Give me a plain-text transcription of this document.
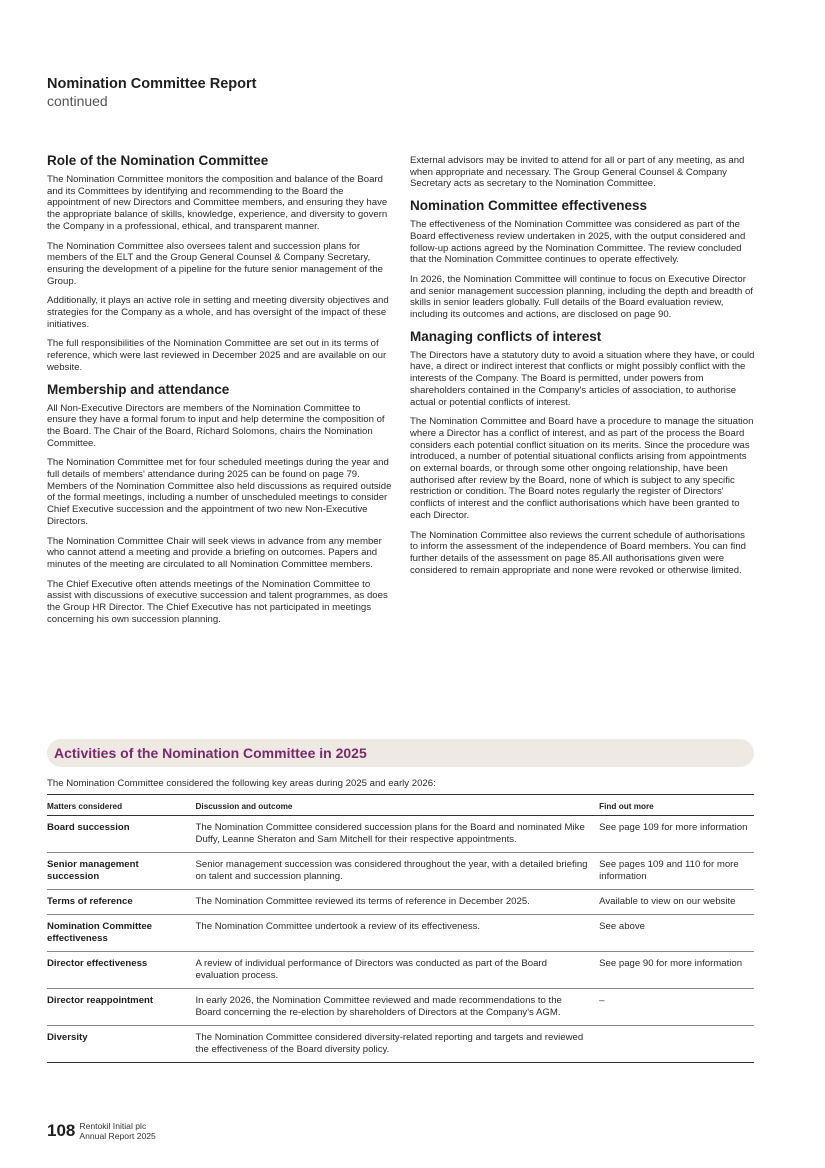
Nomination Committee Report
continued
Role of the Nomination Committee

The Nomination Committee monitors the composition and balance of the Board and its Committees by identifying and recommending to the Board the appointment of new Directors and Committee members, and ensuring they have the appropriate balance of skills, knowledge, experience, and diversity to govern the Company in a professional, ethical, and transparent manner.

The Nomination Committee also oversees talent and succession plans for members of the ELT and the Group General Counsel & Company Secretary, ensuring the development of a pipeline for the future senior management of the Group.

Additionally, it plays an active role in setting and meeting diversity objectives and strategies for the Company as a whole, and has oversight of the impact of these initiatives.

The full responsibilities of the Nomination Committee are set out in its terms of reference, which were last reviewed in December 2025 and are available on our website.

Membership and attendance

All Non-Executive Directors are members of the Nomination Committee to ensure they have a formal forum to input and help determine the composition of the Board. The Chair of the Board, Richard Solomons, chairs the Nomination Committee.

The Nomination Committee met for four scheduled meetings during the year and full details of members' attendance during 2025 can be found on page 79. Members of the Nomination Committee also held discussions as required outside of the formal meetings, including a number of unscheduled meetings to consider Chief Executive succession and the appointment of two new Non-Executive Directors.

The Nomination Committee Chair will seek views in advance from any member who cannot attend a meeting and provide a briefing on outcomes. Papers and minutes of the meeting are circulated to all Nomination Committee members.

The Chief Executive often attends meetings of the Nomination Committee to assist with discussions of executive succession and talent programmes, as does the Group HR Director. The Chief Executive has not participated in meetings concerning his own succession planning.

External advisors may be invited to attend for all or part of any meeting, as and when appropriate and necessary. The Group General Counsel & Company Secretary acts as secretary to the Nomination Committee.

Nomination Committee effectiveness

The effectiveness of the Nomination Committee was considered as part of the Board effectiveness review undertaken in 2025, with the output considered and follow-up actions agreed by the Nomination Committee. The review concluded that the Nomination Committee continues to operate effectively.

In 2026, the Nomination Committee will continue to focus on Executive Director and senior management succession planning, including the depth and breadth of skills in senior leaders globally. Full details of the Board evaluation review, including its outcomes and actions, are disclosed on page 90.

Managing conflicts of interest

The Directors have a statutory duty to avoid a situation where they have, or could have, a direct or indirect interest that conflicts or might possibly conflict with the interests of the Company. The Board is permitted, under powers from shareholders contained in the Company's articles of association, to authorise actual or potential conflicts of interest.

The Nomination Committee and Board have a procedure to manage the situation where a Director has a conflict of interest, and as part of the process the Board considers each potential conflict situation on its merits. Since the procedure was introduced, a number of potential situational conflicts arising from appointments on external boards, or through some other ongoing relationship, have been authorised after review by the Board, none of which is subject to any specific restriction or condition. The Board notes regularly the register of Directors' conflicts of interest and the conflict authorisations which have been granted to each Director.

The Nomination Committee also reviews the current schedule of authorisations to inform the assessment of the independence of Board members. You can find further details of the assessment on page 85.All authorisations given were considered to remain appropriate and none were revoked or otherwise limited.

Activities of the Nomination Committee in 2025
The Nomination Committee considered the following key areas during 2025 and early 2026:
Matters considered	Discussion and outcome	Find out more
Board succession	The Nomination Committee considered succession plans for the Board and nominated Mike Duffy, Leanne Sheraton and Sam Mitchell for their respective appointments.	See page 109 for more information
Senior management succession	Senior management succession was considered throughout the year, with a detailed briefing on talent and succession planning.	See pages 109 and 110 for more information
Terms of reference	The Nomination Committee reviewed its terms of reference in December 2025.	Available to view on our website
Nomination Committee effectiveness	The Nomination Committee undertook a review of its effectiveness.	See above
Director effectiveness	A review of individual performance of Directors was conducted as part of the Board evaluation process.	See page 90 for more information
Director reappointment	In early 2026, the Nomination Committee reviewed and made recommendations to the Board concerning the re-election by shareholders of Directors at the Company's AGM.	–
Diversity	The Nomination Committee considered diversity-related reporting and targets and reviewed the effectiveness of the Board diversity policy.	
108 Rentokil Initial plc
Annual Report 2025
